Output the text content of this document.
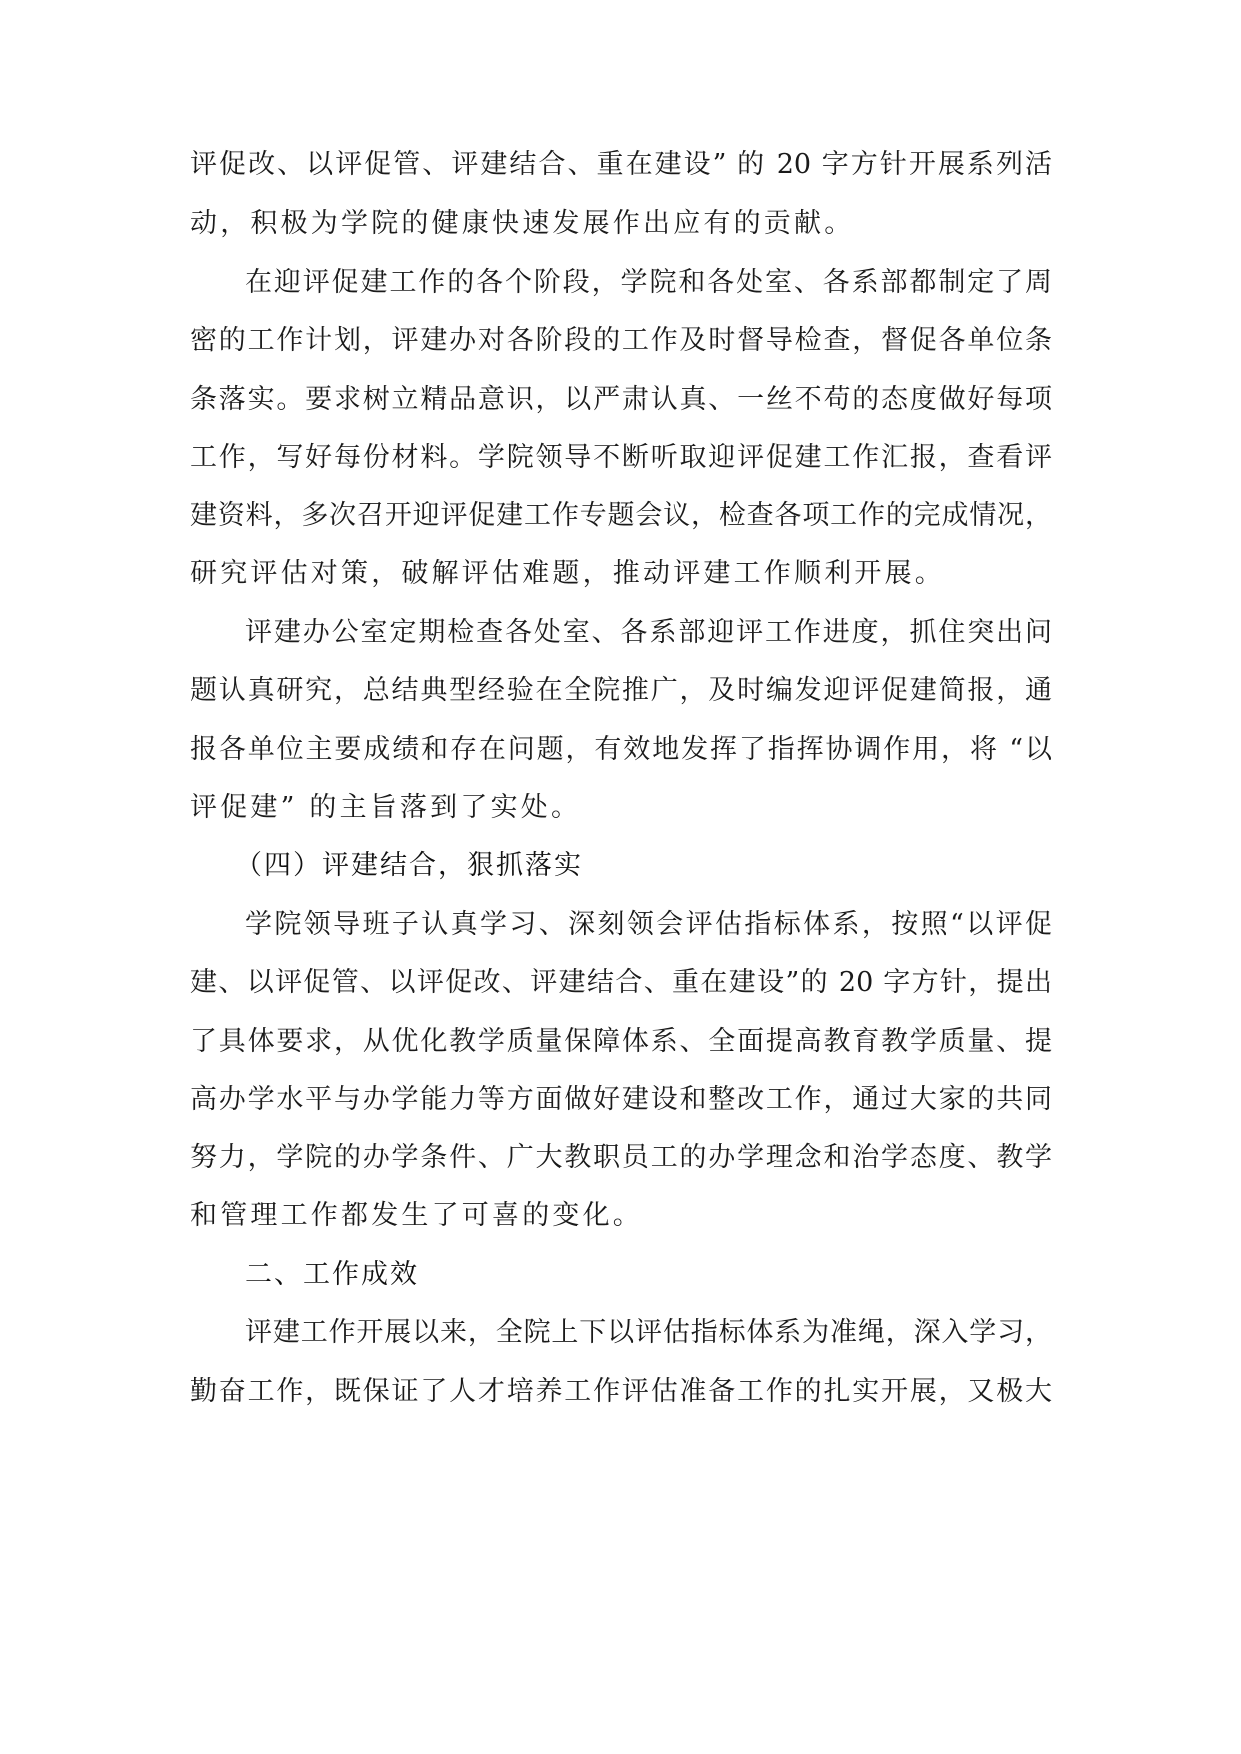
评促改、以评促管、评建结合、重在建设” 的 20 字方针开展系列活
动，积极为学院的健康快速发展作出应有的贡献。
在迎评促建工作的各个阶段，学院和各处室、各系部都制定了周
密的工作计划，评建办对各阶段的工作及时督导检查，督促各单位条
条落实。要求树立精品意识，以严肃认真、一丝不苟的态度做好每项
工作，写好每份材料。学院领导不断听取迎评促建工作汇报，查看评
建资料，多次召开迎评促建工作专题会议，检查各项工作的完成情况，
研究评估对策，破解评估难题，推动评建工作顺利开展。
评建办公室定期检查各处室、各系部迎评工作进度，抓住突出问
题认真研究，总结典型经验在全院推广，及时编发迎评促建简报，通
报各单位主要成绩和存在问题，有效地发挥了指挥协调作用，将 “以
评促建” 的主旨落到了实处。
（四）评建结合，狠抓落实
学院领导班子认真学习、深刻领会评估指标体系，按照“以评促
建、以评促管、以评促改、评建结合、重在建设”的 20 字方针，提出
了具体要求，从优化教学质量保障体系、全面提高教育教学质量、提
高办学水平与办学能力等方面做好建设和整改工作，通过大家的共同
努力，学院的办学条件、广大教职员工的办学理念和治学态度、教学
和管理工作都发生了可喜的变化。
二、工作成效
评建工作开展以来，全院上下以评估指标体系为准绳，深入学习，
勤奋工作，既保证了人才培养工作评估准备工作的扎实开展，又极大
